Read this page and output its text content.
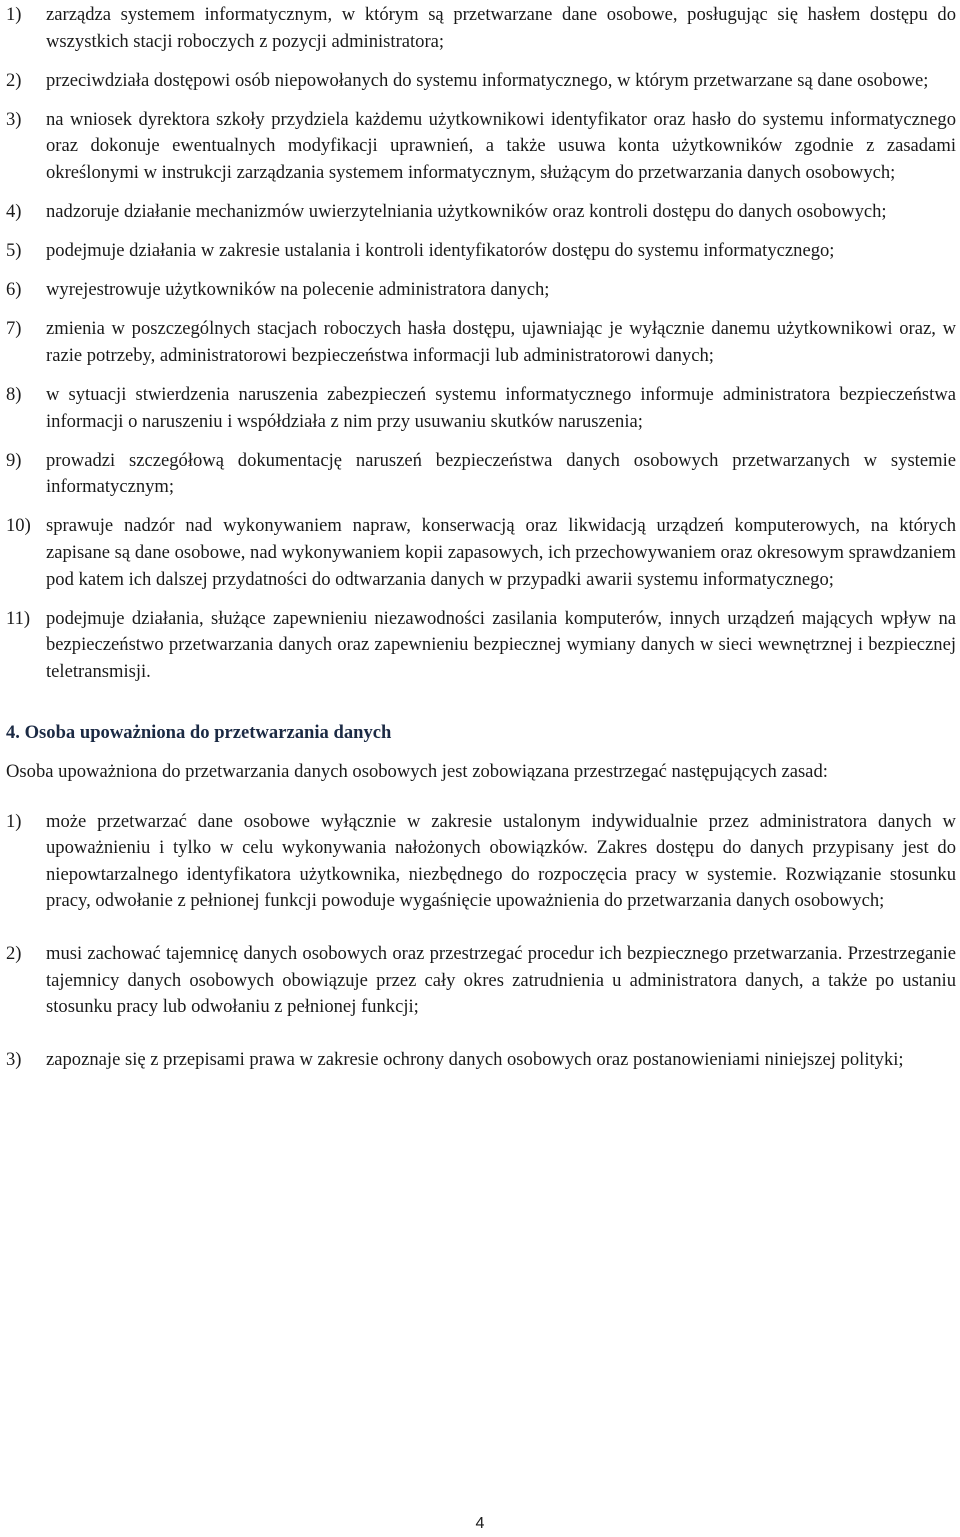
1) zarządza systemem informatycznym, w którym są przetwarzane dane osobowe, posługując się hasłem dostępu do wszystkich stacji roboczych z pozycji administratora;
2) przeciwdziała dostępowi osób niepowołanych do systemu informatycznego, w którym przetwarzane są dane osobowe;
3) na wniosek dyrektora szkoły przydziela każdemu użytkownikowi identyfikator oraz hasło do systemu informatycznego oraz dokonuje ewentualnych modyfikacji uprawnień, a także usuwa konta użytkowników zgodnie z zasadami określonymi w instrukcji zarządzania systemem informatycznym, służącym do przetwarzania danych osobowych;
4) nadzoruje działanie mechanizmów uwierzytelniania użytkowników oraz kontroli dostępu do danych osobowych;
5) podejmuje działania w zakresie ustalania i kontroli identyfikatorów dostępu do systemu informatycznego;
6) wyrejestrowuje użytkowników na polecenie administratora danych;
7) zmienia w poszczególnych stacjach roboczych hasła dostępu, ujawniając je wyłącznie danemu użytkownikowi oraz, w razie potrzeby, administratorowi bezpieczeństwa informacji lub administratorowi danych;
8) w sytuacji stwierdzenia naruszenia zabezpieczeń systemu informatycznego informuje administratora bezpieczeństwa informacji o naruszeniu i współdziała z nim przy usuwaniu skutków naruszenia;
9) prowadzi szczegółową dokumentację naruszeń bezpieczeństwa danych osobowych przetwarzanych w systemie informatycznym;
10) sprawuje nadzór nad wykonywaniem napraw, konserwacją oraz likwidacją urządzeń komputerowych, na których zapisane są dane osobowe, nad wykonywaniem kopii zapasowych, ich przechowywaniem oraz okresowym sprawdzaniem pod katem ich dalszej przydatności do odtwarzania danych w przypadki awarii systemu informatycznego;
11) podejmuje działania, służące zapewnieniu niezawodności zasilania komputerów, innych urządzeń mających wpływ na bezpieczeństwo przetwarzania danych oraz zapewnieniu bezpiecznej wymiany danych w sieci wewnętrznej i bezpiecznej teletransmisji.
4. Osoba upoważniona do przetwarzania danych

Osoba upoważniona do przetwarzania danych osobowych jest zobowiązana przestrzegać następujących zasad:

1) może przetwarzać dane osobowe wyłącznie w zakresie ustalonym indywidualnie przez administratora danych w upoważnieniu i tylko w celu wykonywania nałożonych obowiązków. Zakres dostępu do danych przypisany jest do niepowtarzalnego identyfikatora użytkownika, niezbędnego do rozpoczęcia pracy w systemie. Rozwiązanie stosunku pracy, odwołanie z pełnionej funkcji powoduje wygaśnięcie upoważnienia do przetwarzania danych osobowych;
2) musi zachować tajemnicę danych osobowych oraz przestrzegać procedur ich bezpiecznego przetwarzania. Przestrzeganie tajemnicy danych osobowych obowiązuje przez cały okres zatrudnienia u administratora danych, a także po ustaniu stosunku pracy lub odwołaniu z pełnionej funkcji;
3) zapoznaje się z przepisami prawa w zakresie ochrony danych osobowych oraz postanowieniami niniejszej polityki;
4
